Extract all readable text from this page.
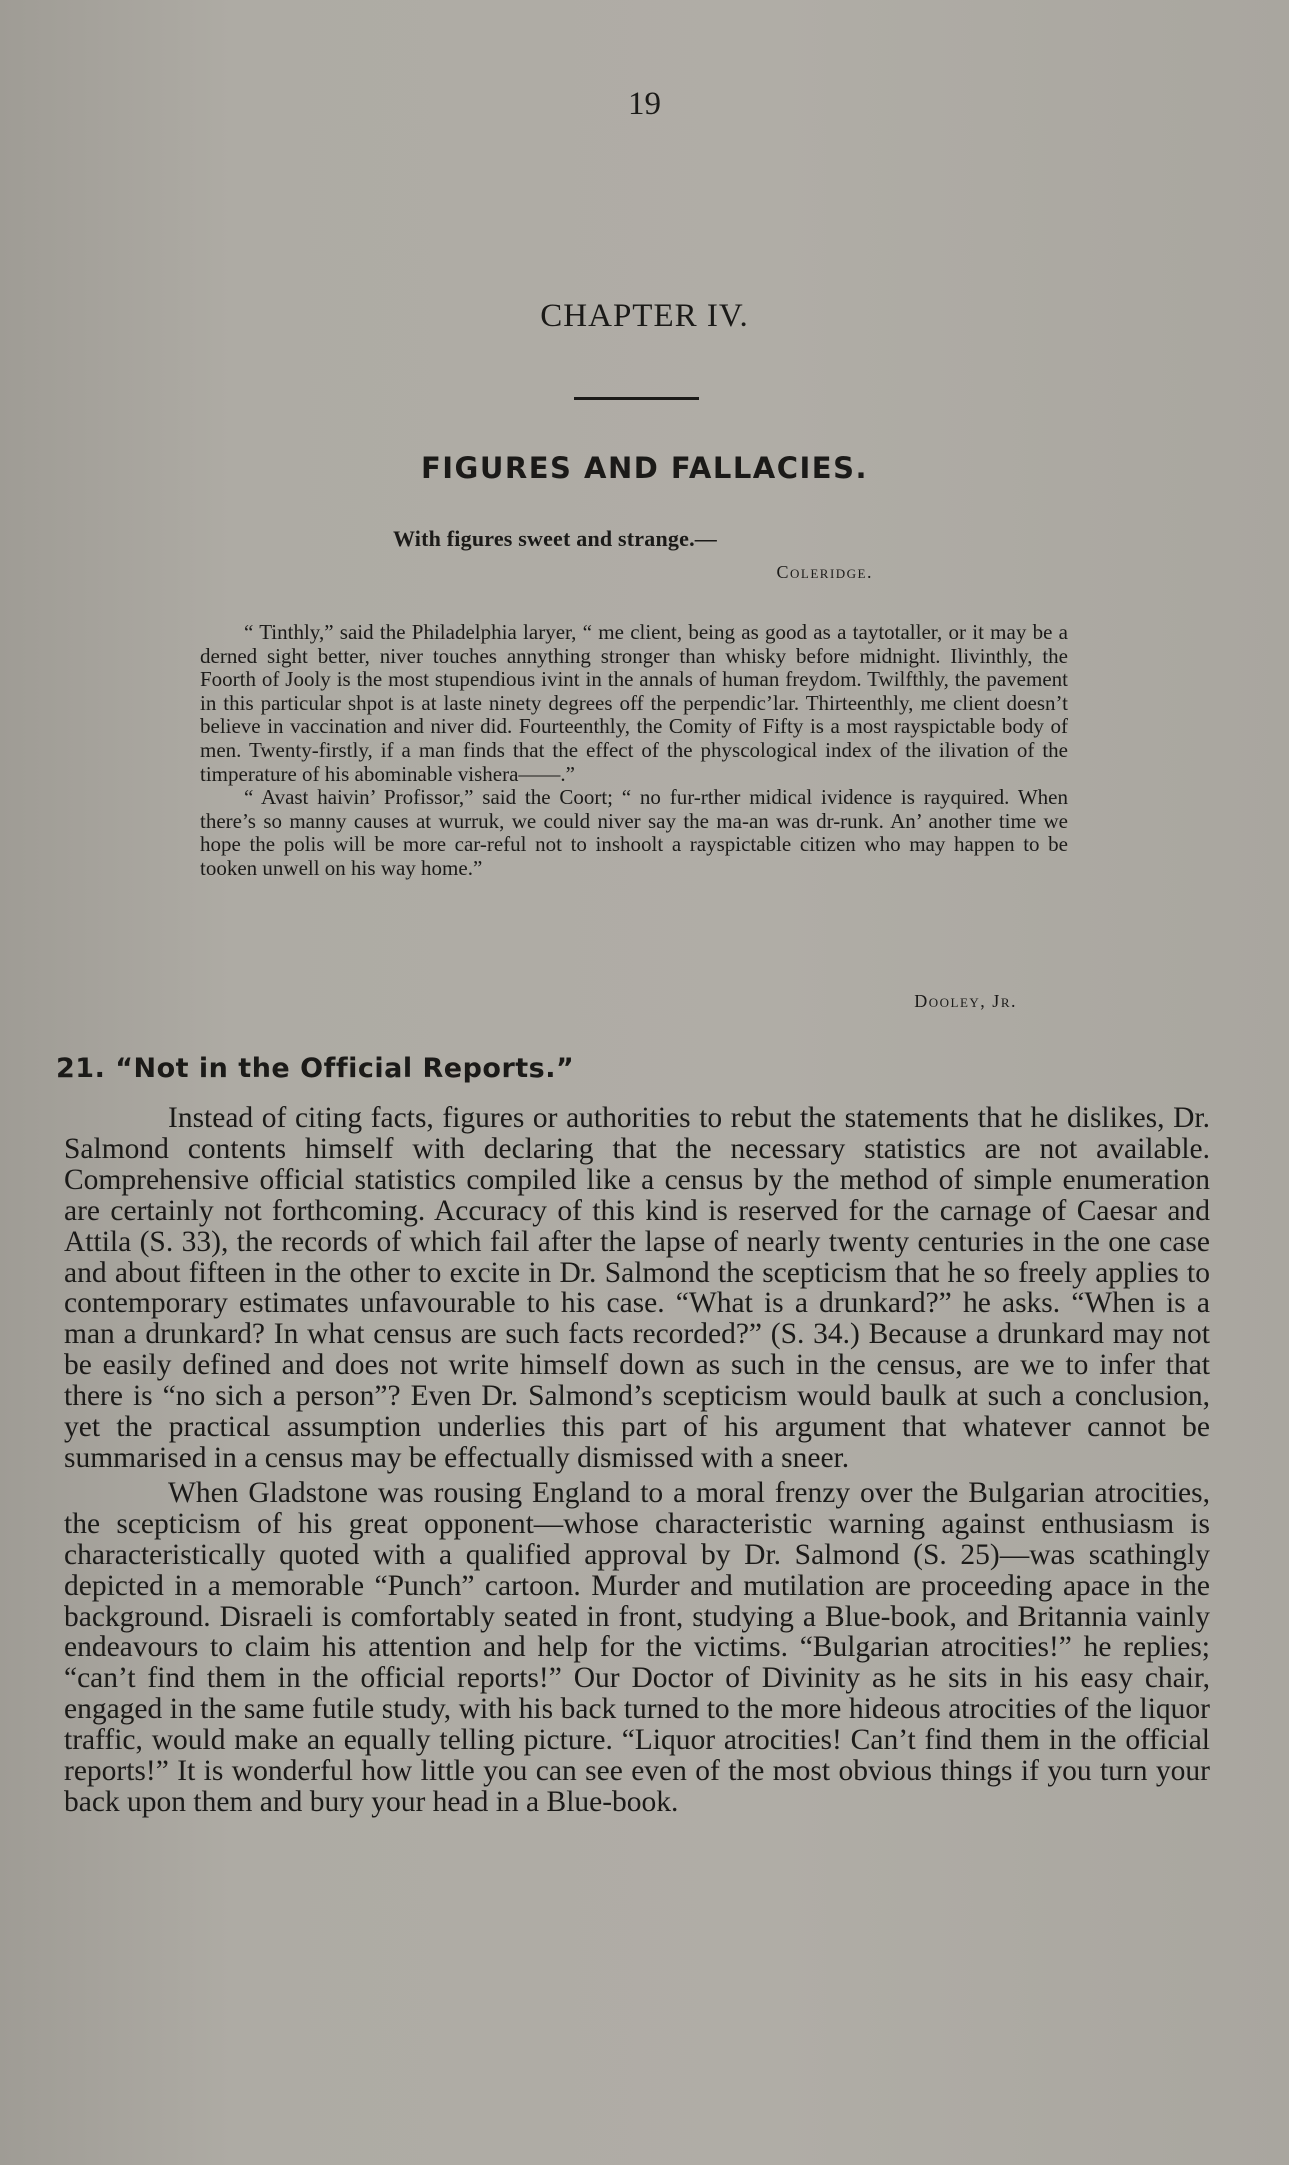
19
CHAPTER IV.
FIGURES AND FALLACIES.
With figures sweet and strange.—
Coleridge.

“ Tinthly,” said the Philadelphia laryer, “ me client, being as good as a taytotaller, or it may be a derned sight better, niver touches annything stronger than whisky before midnight. Ilivinthly, the Foorth of Jooly is the most stupendious ivint in the annals of human freydom. Twilfthly, the pavement in this particular shpot is at laste ninety degrees off the perpendic’lar. Thirteenthly, me client doesn’t believe in vaccination and niver did. Fourteenthly, the Comity of Fifty is a most rayspictable body of men. Twenty-firstly, if a man finds that the effect of the physcological index of the ilivation of the timperature of his abominable vishera——.”

“ Avast haivin’ Profissor,” said the Coort; “ no fur-rther midical ividence is rayquired. When there’s so manny causes at wurruk, we could niver say the ma-an was dr-runk. An’ another time we hope the polis will be more car-reful not to inshoolt a rayspictable citizen who may happen to be tooken unwell on his way home.”

Dooley, Jr.
21. “Not in the Official Reports.”

Instead of citing facts, figures or authorities to rebut the statements that he dislikes, Dr. Salmond contents himself with declaring that the necessary statistics are not available. Comprehensive official statistics compiled like a census by the method of simple enumeration are certainly not forthcoming. Accuracy of this kind is reserved for the carnage of Caesar and Attila (S. 33), the records of which fail after the lapse of nearly twenty centuries in the one case and about fifteen in the other to excite in Dr. Salmond the scepticism that he so freely applies to contemporary estimates unfavourable to his case. “What is a drunkard?” he asks. “When is a man a drunkard? In what census are such facts recorded?” (S. 34.) Because a drunkard may not be easily defined and does not write himself down as such in the census, are we to infer that there is “no sich a person”? Even Dr. Salmond’s scepticism would baulk at such a conclusion, yet the practical assumption underlies this part of his argument that whatever cannot be summarised in a census may be effectually dismissed with a sneer.

When Gladstone was rousing England to a moral frenzy over the Bulgarian atrocities, the scepticism of his great opponent—whose characteristic warning against enthusiasm is characteristically quoted with a qualified approval by Dr. Salmond (S. 25)—was scathingly depicted in a memorable “Punch” cartoon. Murder and mutilation are proceeding apace in the background. Disraeli is comfortably seated in front, studying a Blue-book, and Britannia vainly endeavours to claim his attention and help for the victims. “Bulgarian atrocities!” he replies; “can’t find them in the official reports!” Our Doctor of Divinity as he sits in his easy chair, engaged in the same futile study, with his back turned to the more hideous atrocities of the liquor traffic, would make an equally telling picture. “Liquor atrocities! Can’t find them in the official reports!” It is wonderful how little you can see even of the most obvious things if you turn your back upon them and bury your head in a Blue-book.
